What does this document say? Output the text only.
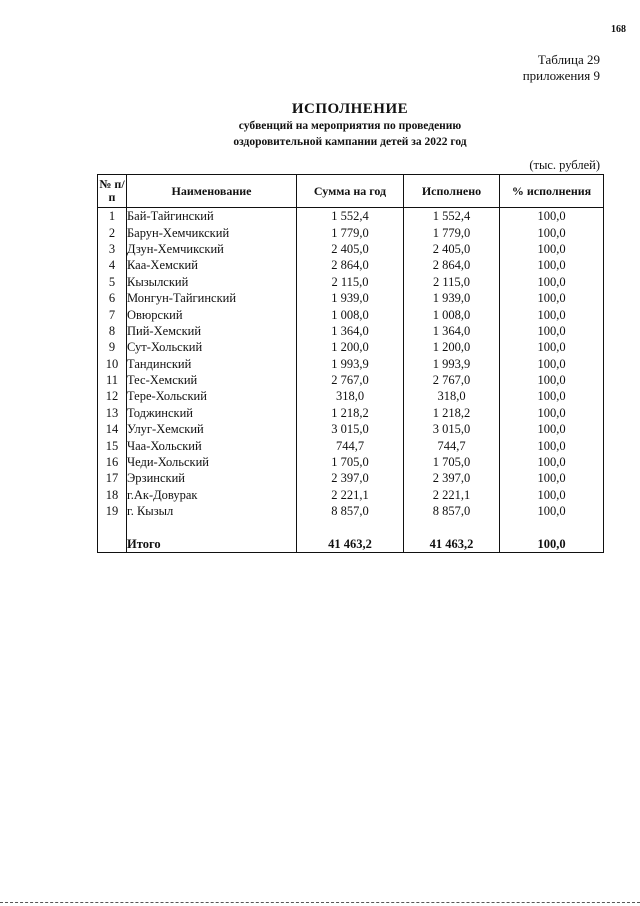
168
Таблица 29
приложения 9
ИСПОЛНЕНИЕ
субвенций на мероприятия по проведению
оздоровительной кампании детей за 2022 год
(тыс. рублей)
№ п/п	Наименование	Сумма на год	Исполнено	% исполнения
1	Бай-Тайгинский	1 552,4	1 552,4	100,0
2	Барун-Хемчикский	1 779,0	1 779,0	100,0
3	Дзун-Хемчикский	2 405,0	2 405,0	100,0
4	Каа-Хемский	2 864,0	2 864,0	100,0
5	Кызылский	2 115,0	2 115,0	100,0
6	Монгун-Тайгинский	1 939,0	1 939,0	100,0
7	Овюрский	1 008,0	1 008,0	100,0
8	Пий-Хемский	1 364,0	1 364,0	100,0
9	Сут-Хольский	1 200,0	1 200,0	100,0
10	Тандинский	1 993,9	1 993,9	100,0
11	Тес-Хемский	2 767,0	2 767,0	100,0
12	Тере-Хольский	318,0	318,0	100,0
13	Тоджинский	1 218,2	1 218,2	100,0
14	Улуг-Хемский	3 015,0	3 015,0	100,0
15	Чаа-Хольский	744,7	744,7	100,0
16	Чеди-Хольский	1 705,0	1 705,0	100,0
17	Эрзинский	2 397,0	2 397,0	100,0
18	г.Ак-Довурак	2 221,1	2 221,1	100,0
19	г. Кызыл	8 857,0	8 857,0	100,0

	Итого	41 463,2	41 463,2	100,0
